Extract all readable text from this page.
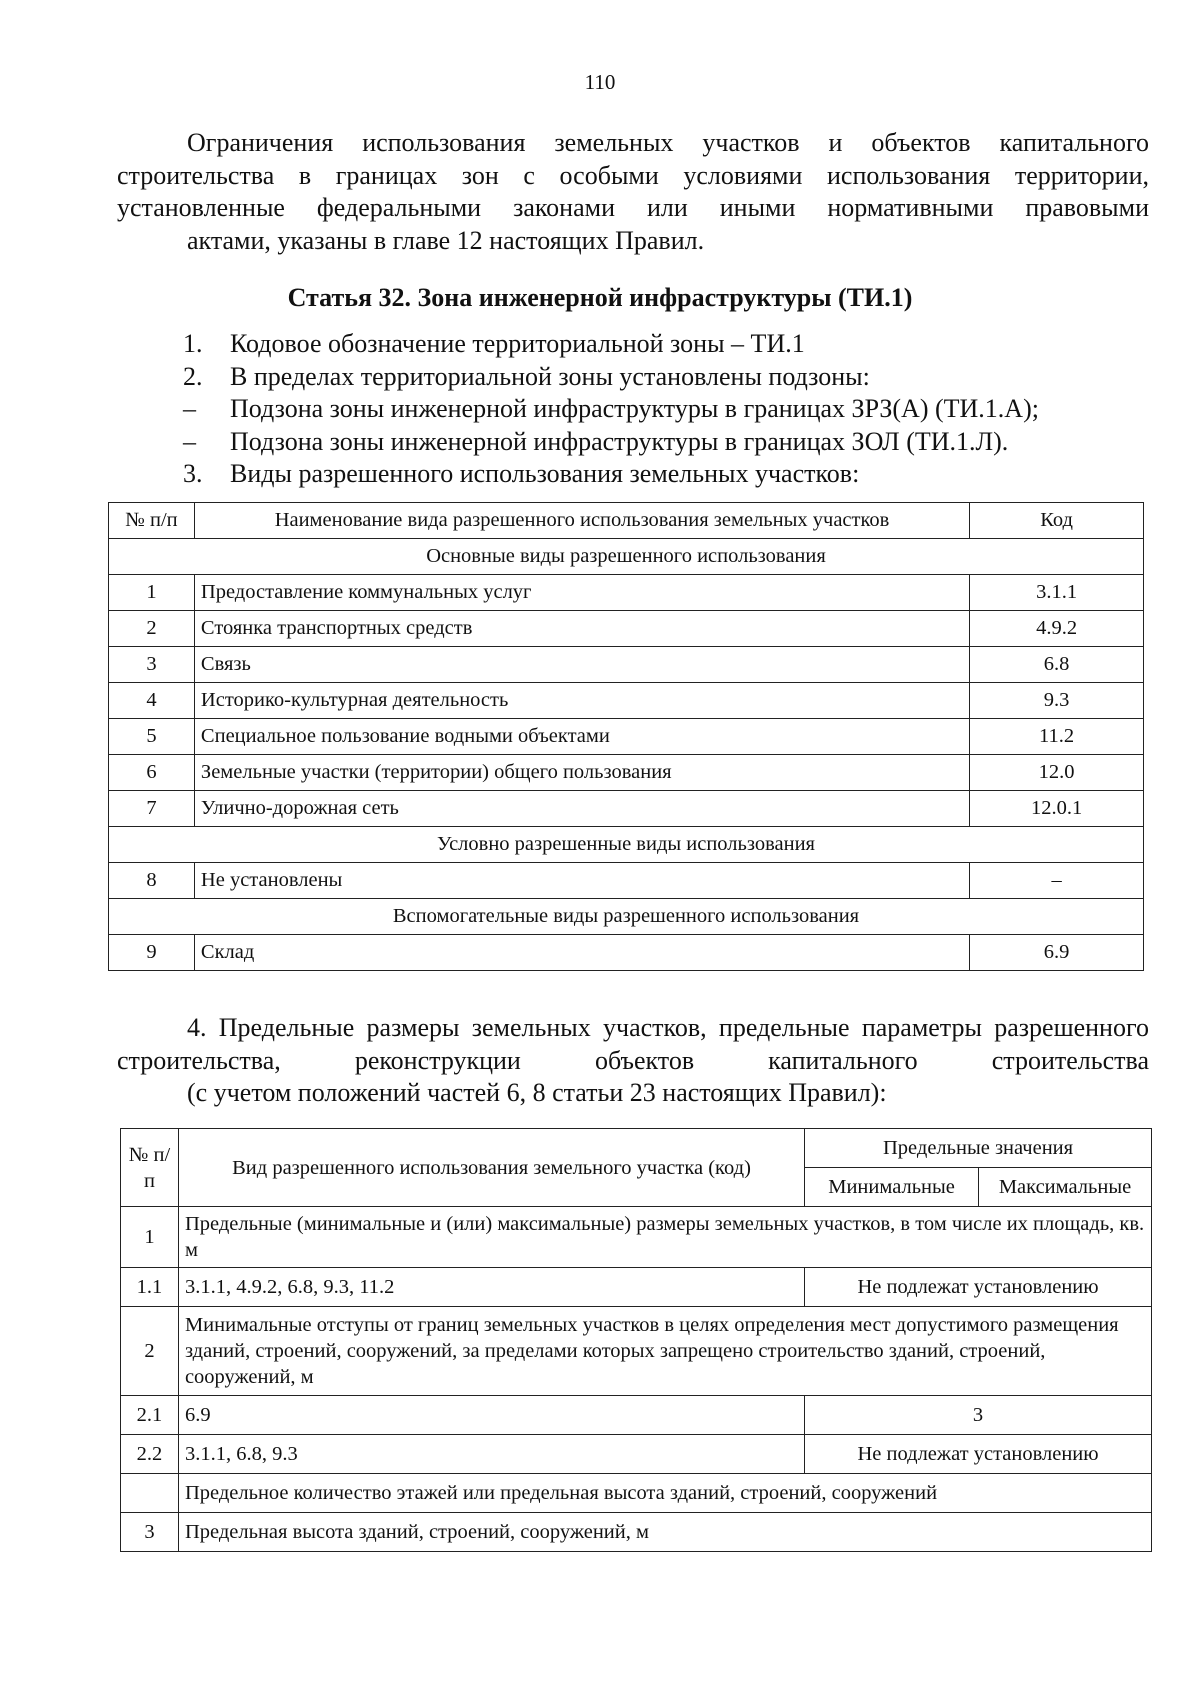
110
Ограничения использования земельных участков и объектов капитального строительства в границах зон с особыми условиями использования территории, установленные федеральными законами или иными нормативными правовыми
актами, указаны в главе 12 настоящих Правил.
Статья 32. Зона инженерной инфраструктуры (ТИ.1)
1.	Кодовое обозначение территориальной зоны – ТИ.1
2.	В пределах территориальной зоны установлены подзоны:
–	Подзона зоны инженерной инфраструктуры в границах ЗРЗ(А) (ТИ.1.А);
–	Подзона зоны инженерной инфраструктуры в границах ЗОЛ (ТИ.1.Л).
3.	Виды разрешенного использования земельных участков:
№ п/п	Наименование вида разрешенного использования земельных участков	Код
Основные виды разрешенного использования		
1	Предоставление коммунальных услуг	3.1.1
2	Стоянка транспортных средств	4.9.2
3	Связь	6.8
4	Историко-культурная деятельность	9.3
5	Специальное пользование водными объектами	11.2
6	Земельные участки (территории) общего пользования	12.0
7	Улично-дорожная сеть	12.0.1
Условно разрешенные виды использования		
8	Не установлены	–
Вспомогательные виды разрешенного использования		
9	Склад	6.9
4. Предельные размеры земельных участков, предельные параметры разрешенного строительства, реконструкции объектов капитального строительства
(с учетом положений частей 6, 8 статьи 23 настоящих Правил):
№ п/п	Вид разрешенного использования земельного участка (код)	Предельные значения	
		Минимальные	Максимальные
1	Предельные (минимальные и (или) максимальные) размеры земельных участков, в том числе их площадь, кв. м		
1.1	3.1.1, 4.9.2, 6.8, 9.3, 11.2	Не подлежат установлению	
2	Минимальные отступы от границ земельных участков в целях определения мест допустимого размещения зданий, строений, сооружений, за пределами которых запрещено строительство зданий, строений, сооружений, м		
2.1	6.9	3	
2.2	3.1.1, 6.8, 9.3	Не подлежат установлению	
	Предельное количество этажей или предельная высота зданий, строений, сооружений		
3	Предельная высота зданий, строений, сооружений, м		
